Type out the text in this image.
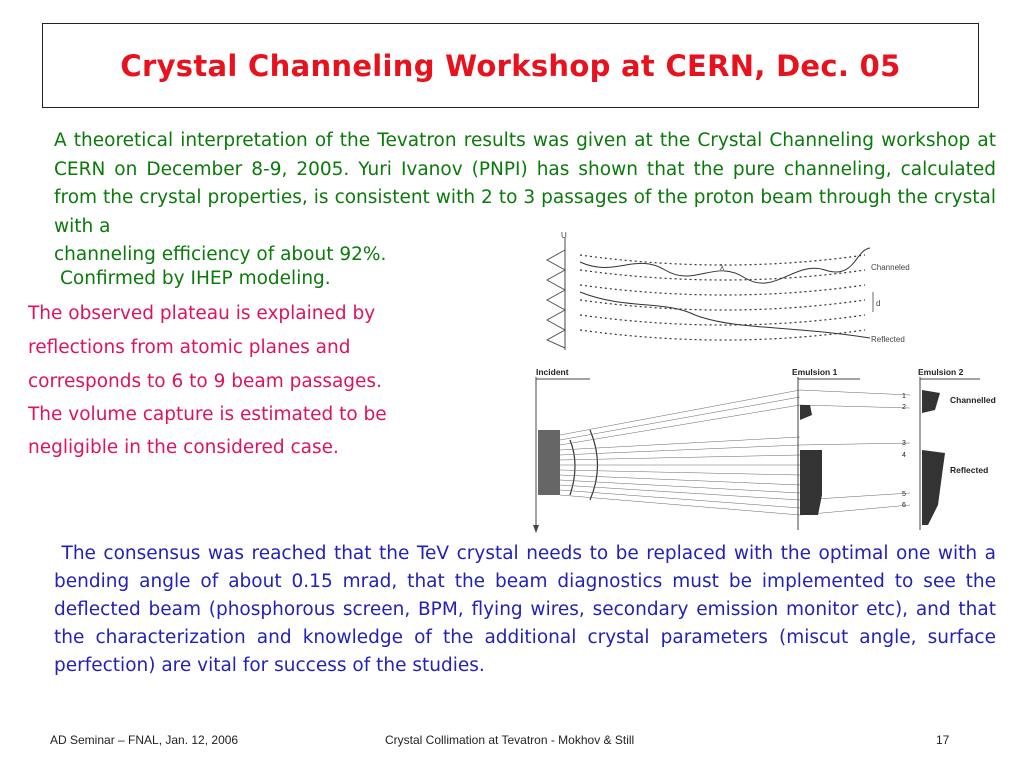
Crystal Channeling Workshop at CERN, Dec. 05

A theoretical interpretation of the Tevatron results was given at the Crystal Channeling workshop at CERN on December 8-9, 2005. Yuri Ivanov (PNPI) has shown that the pure channeling, calculated from the crystal properties, is consistent with 2 to 3 passages of the proton beam through the crystal with a
channeling efficiency of about 92%.

Confirmed by IHEP modeling.
The observed plateau is explained by
reflections from atomic planes and
corresponds to 6 to 9 beam passages.
The volume capture is estimated to be
negligible in the considered case.
U
λ
d
Channeled
Reflected
Incident	Emulsion 1	Emulsion 2
Channelled
Reflected
1
2
3
4
5
6

The consensus was reached that the TeV crystal needs to be replaced with the optimal one with a bending angle of about 0.15 mrad, that the beam diagnostics must be implemented to see the deflected beam (phosphorous screen, BPM, flying wires, secondary emission monitor etc), and that the characterization and knowledge of the additional crystal parameters (miscut angle, surface perfection) are vital for success of the studies.

AD Seminar – FNAL, Jan. 12, 2006	Crystal Collimation at Tevatron - Mokhov & Still	17
